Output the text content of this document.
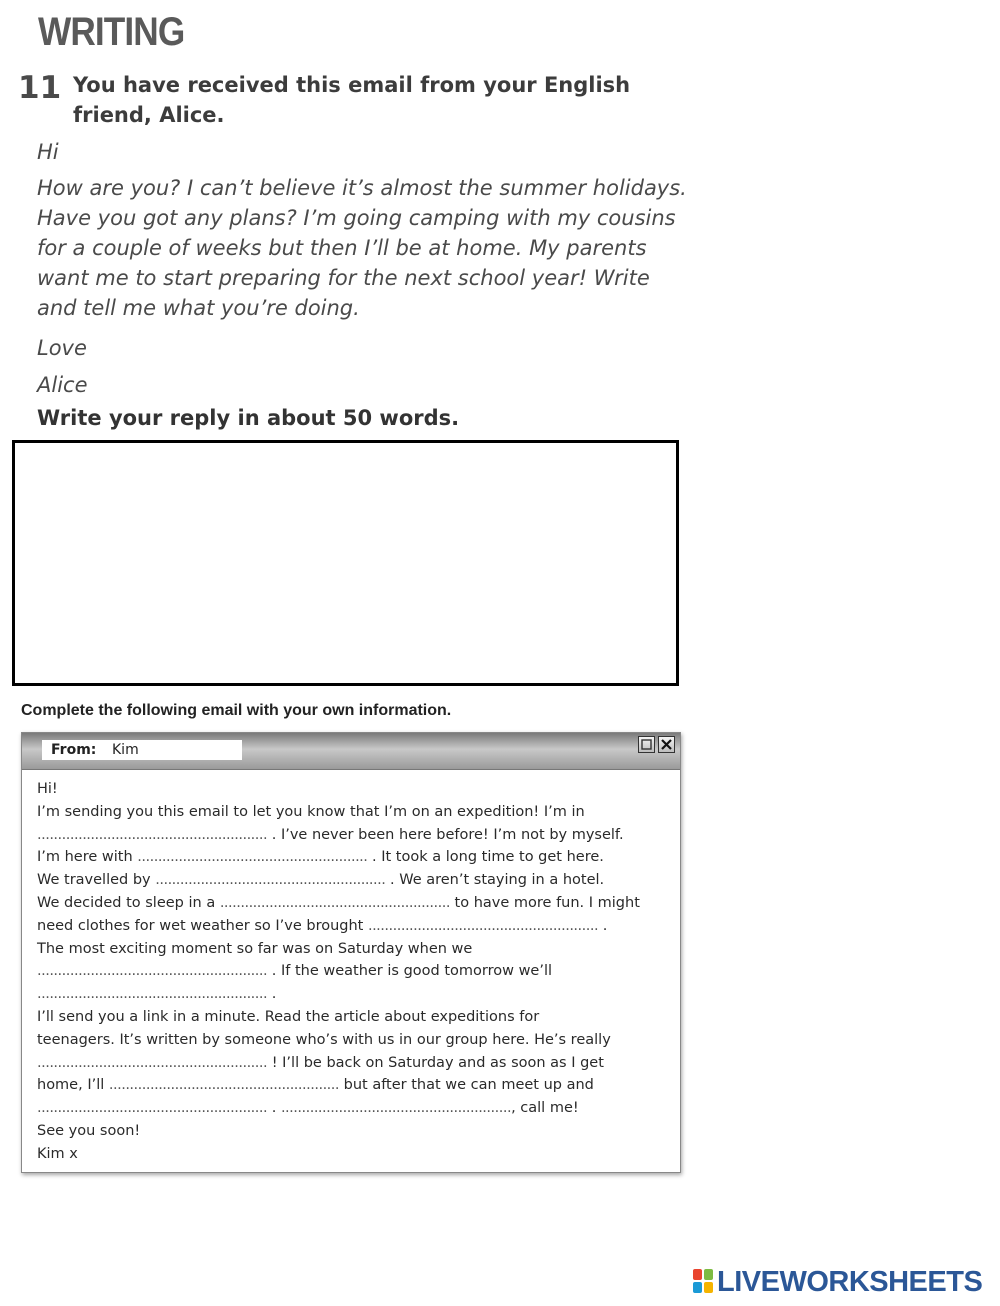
WRITING
11 You have received this email from your English friend, Alice.
Hi
How are you? I can’t believe it’s almost the summer holidays. Have you got any plans? I’m going camping with my cousins for a couple of weeks but then I’ll be at home. My parents want me to start preparing for the next school year! Write and tell me what you’re doing.
Love
Alice
Write your reply in about 50 words.
Complete the following email with your own information.
From: Kim
Hi!
I’m sending you this email to let you know that I’m on an expedition! I’m in
........................................................ . I’ve never been here before! I’m not by myself.
I’m here with ........................................................ . It took a long time to get here.
We travelled by ........................................................ . We aren’t staying in a hotel.
We decided to sleep in a ........................................................ to have more fun. I might
need clothes for wet weather so I’ve brought ........................................................ .
The most exciting moment so far was on Saturday when we
........................................................ . If the weather is good tomorrow we’ll
........................................................ .
I’ll send you a link in a minute. Read the article about expeditions for
teenagers. It’s written by someone who’s with us in our group here. He’s really
........................................................ ! I’ll be back on Saturday and as soon as I get
home, I’ll ........................................................ but after that we can meet up and
........................................................ . ........................................................, call me!
See you soon!
Kim x
LIVEWORKSHEETS
